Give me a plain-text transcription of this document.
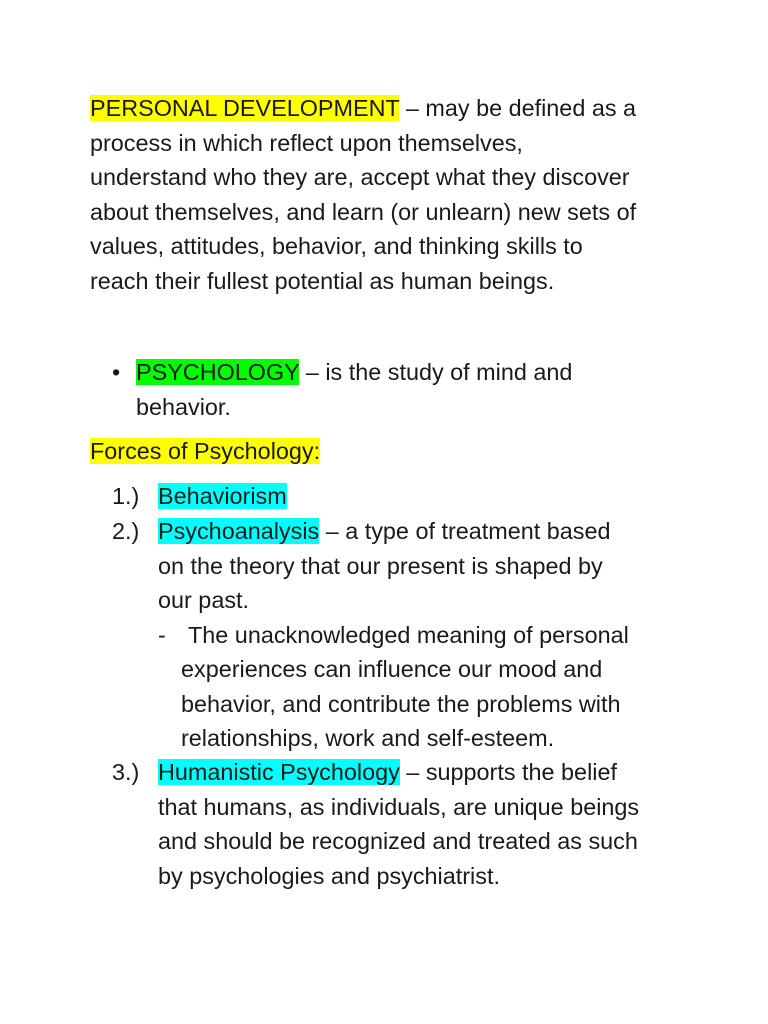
PERSONAL DEVELOPMENT – may be defined as a
process in which reflect upon themselves,
understand who they are, accept what they discover
about themselves, and learn (or unlearn) new sets of
values, attitudes, behavior, and thinking skills to
reach their fullest potential as human beings.

• PSYCHOLOGY – is the study of mind and
behavior.

Forces of Psychology:

1.) Behaviorism
2.) Psychoanalysis – a type of treatment based
on the theory that our present is shaped by
our past.
- The unacknowledged meaning of personal
experiences can influence our mood and
behavior, and contribute the problems with
relationships, work and self-esteem.
3.) Humanistic Psychology – supports the belief
that humans, as individuals, are unique beings
and should be recognized and treated as such
by psychologies and psychiatrist.
